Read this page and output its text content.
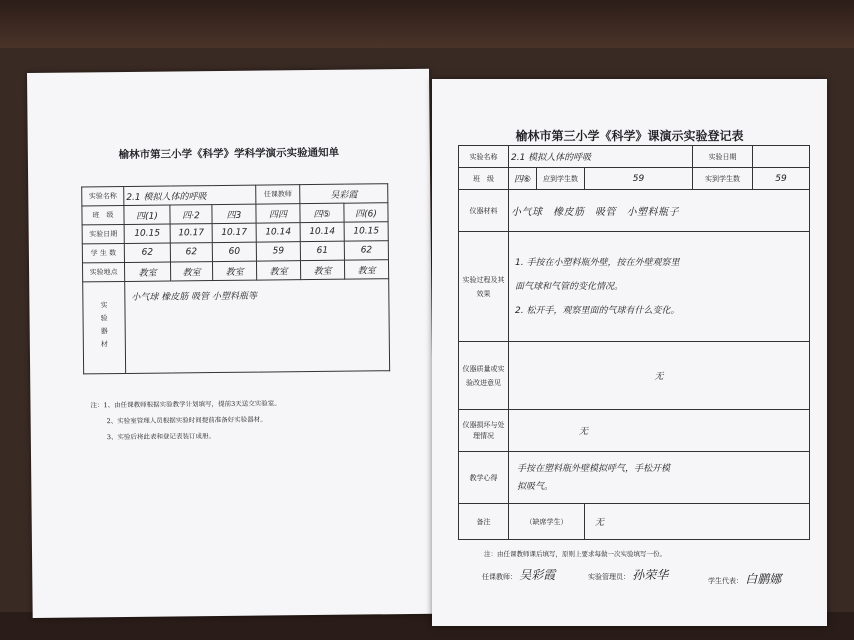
榆林市第三小学《科学》学科学演示实验通知单
实验名称	2.1 模拟人体的呼吸			任课教师	吴彩霞	
班　级	四(1)	四·2	四3	四四	四⑤	四(6)
实验日期	10.15	10.17	10.17	10.14	10.14	10.15
学 生 数	62	62	60	59	61	62
实验地点	教室	教室	教室	教室	教室	教室
实验器材	小气球 橡皮筋 吸管 小塑料瓶等					
注：1、由任课教师根据实验教学计划填写，提前3天送交实验室。
2、实验室管理人员根据实验时间提前准备好实验器材。
3、实验后将此表和登记表装订成册。
榆林市第三小学《科学》课演示实验登记表
实验名称	2.1 模拟人体的呼吸			实验日期	
班　级	四⑥	应到学生数	59	实到学生数	59
仪器材料	小气球　橡皮筋　吸管　小塑料瓶子				
实验过程及其效果	1. 手按在小塑料瓶外壁，按在外壁观察里
面气球和气管的变化情况。
2. 松开手，观察里面的气球有什么变化。				

仪器质量或实验改进意见	无				
仪器损坏与处理情况	无				
教学心得	手按在塑料瓶外壁模拟呼气，手松开模
拟吸气。				

备注	（缺席学生）		无		
注：由任课教师课后填写，原则上要求每做一次实验填写一份。
任课教师： 吴彩霞	实验管理员： 孙荣华	学生代表： 白鹏娜
